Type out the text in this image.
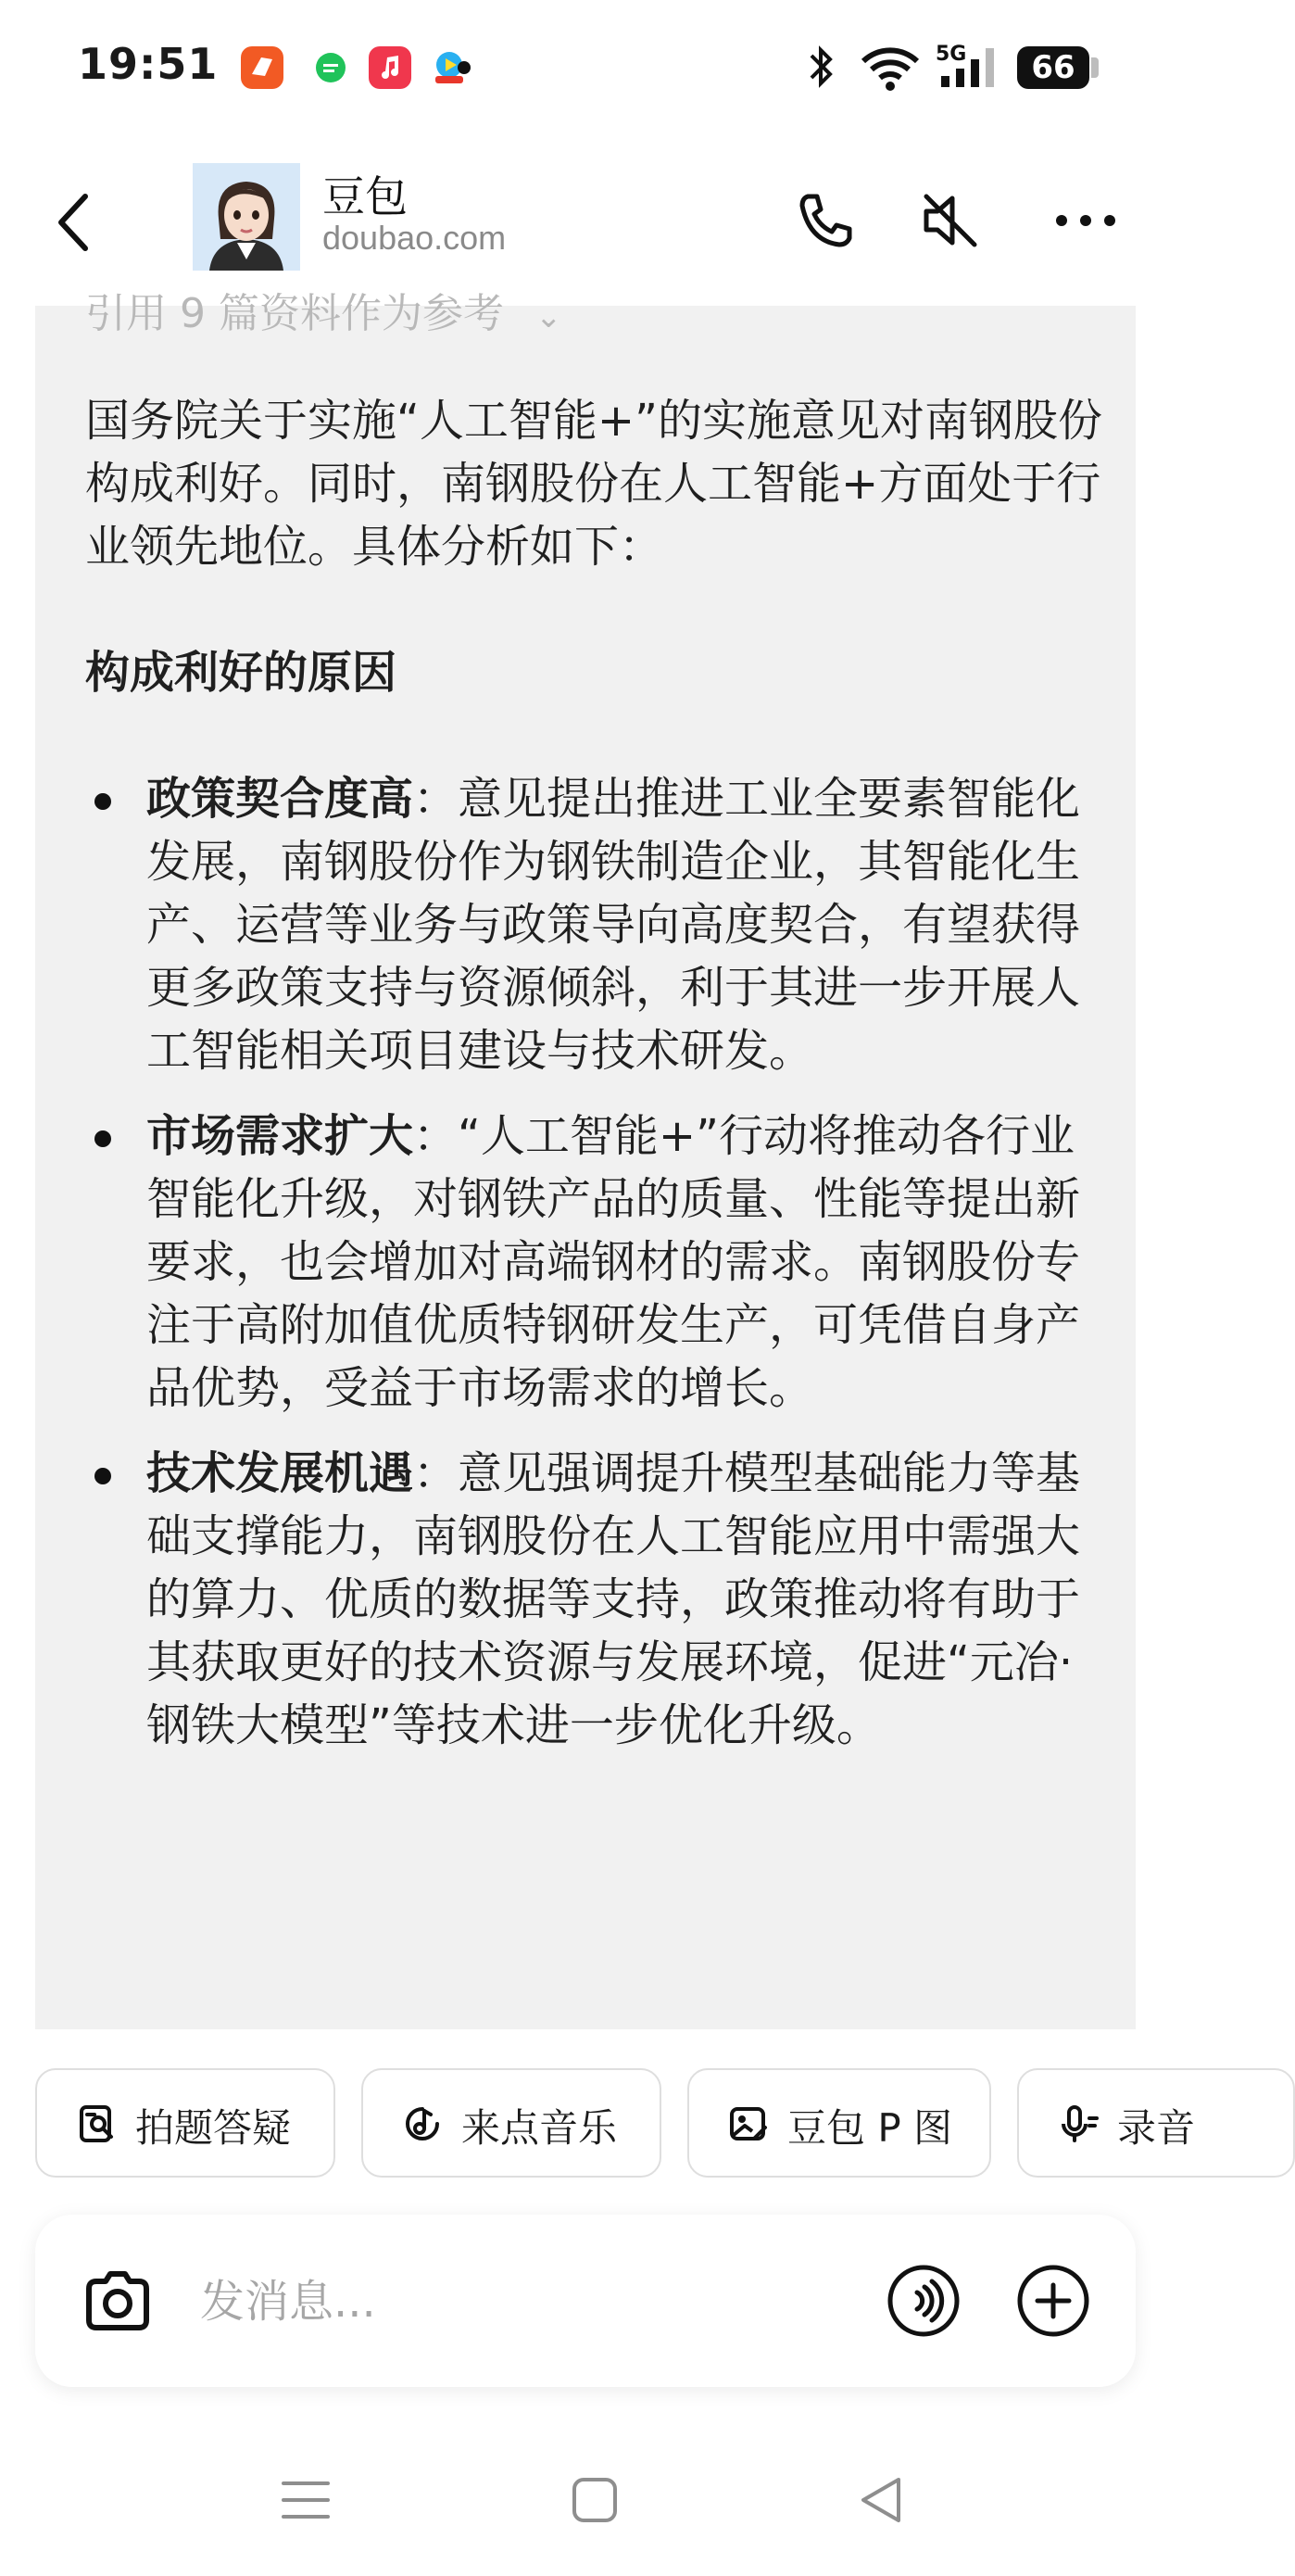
19:51	5G	66
豆包
doubao.com
引用 9 篇资料作为参考 ⌄

国务院关于实施“人工智能+”的实施意见对南钢股份构成利好。同时，南钢股份在人工智能+方面处于行业领先地位。具体分析如下：

构成利好的原因

政策契合度高：意见提出推进工业全要素智能化发展，南钢股份作为钢铁制造企业，其智能化生产、运营等业务与政策导向高度契合，有望获得更多政策支持与资源倾斜，利于其进一步开展人工智能相关项目建设与技术研发。
市场需求扩大：“人工智能+”行动将推动各行业智能化升级，对钢铁产品的质量、性能等提出新要求，也会增加对高端钢材的需求。南钢股份专注于高附加值优质特钢研发生产，可凭借自身产品优势，受益于市场需求的增长。
技术发展机遇：意见强调提升模型基础能力等基础支撑能力，南钢股份在人工智能应用中需强大的算力、优质的数据等支持，政策推动将有助于其获取更好的技术资源与发展环境，促进“元冶·钢铁大模型”等技术进一步优化升级。
拍题答疑	来点音乐	豆包 P 图	录音
发消息...
